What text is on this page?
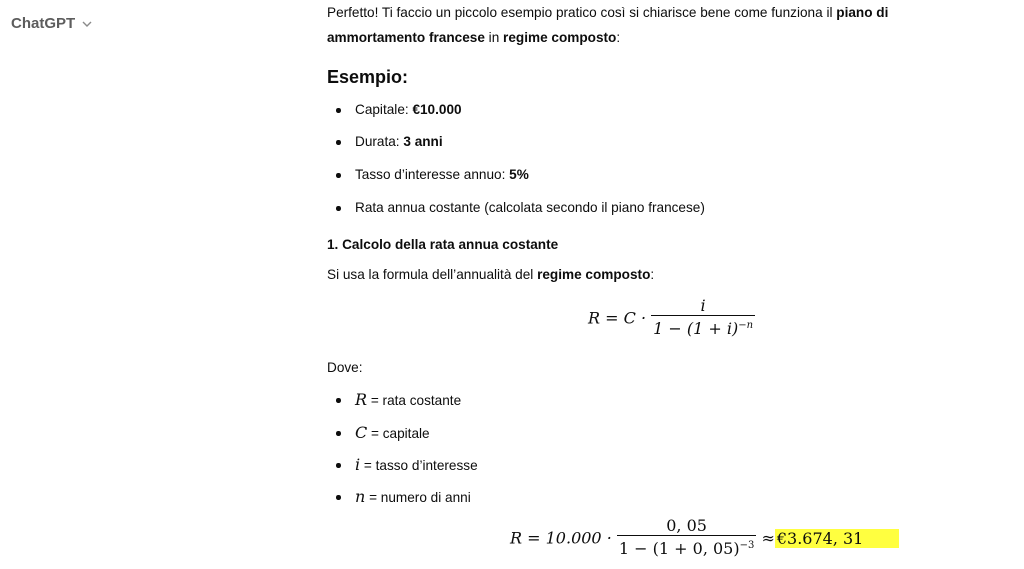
ChatGPT

Perfetto! Ti faccio un piccolo esempio pratico così si chiarisce bene come funziona il piano di ammortamento francese in regime composto:

Esempio:
Capitale: €10.000
Durata: 3 anni
Tasso d’interesse annuo: 5%
Rata annua costante (calcolata secondo il piano francese)
1. Calcolo della rata annua costante

Si usa la formula dell’annualità del regime composto:

$R = C \cdot \frac{i}{1 - (1 + i)^{-n}}$

Dove:

R = rata costante
C = capitale
i = tasso d’interesse
n = numero di anni
$R = 10.000 \cdot \frac{0, 05}{1 - (1 + 0, 05)^{-3}}$ ≈ €3.674, 31
